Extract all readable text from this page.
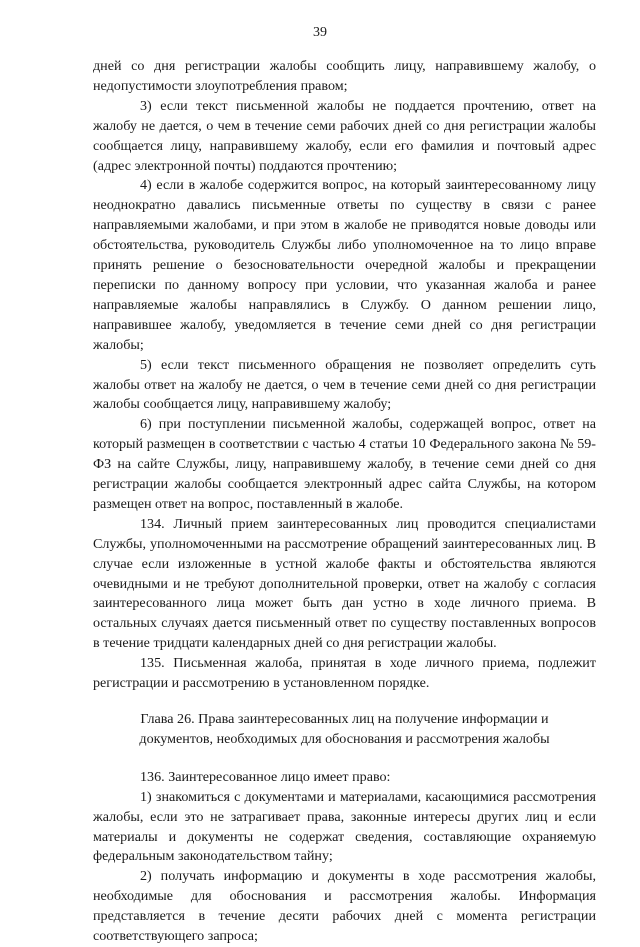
39

дней со дня регистрации жалобы сообщить лицу, направившему жалобу, о недопустимости злоупотребления правом;

3) если текст письменной жалобы не поддается прочтению, ответ на жалобу не дается, о чем в течение семи рабочих дней со дня регистрации жалобы сообщается лицу, направившему жалобу, если его фамилия и почтовый адрес (адрес электронной почты) поддаются прочтению;

4) если в жалобе содержится вопрос, на который заинтересованному лицу неоднократно давались письменные ответы по существу в связи с ранее направляемыми жалобами, и при этом в жалобе не приводятся новые доводы или обстоятельства, руководитель Службы либо уполномоченное на то лицо вправе принять решение о безосновательности очередной жалобы и прекращении переписки по данному вопросу при условии, что указанная жалоба и ранее направляемые жалобы направлялись в Службу. О данном решении лицо, направившее жалобу, уведомляется в течение семи дней со дня регистрации жалобы;

5) если текст письменного обращения не позволяет определить суть жалобы ответ на жалобу не дается, о чем в течение семи дней со дня регистрации жалобы сообщается лицу, направившему жалобу;

6) при поступлении письменной жалобы, содержащей вопрос, ответ на который размещен в соответствии с частью 4 статьи 10 Федерального закона № 59-ФЗ на сайте Службы, лицу, направившему жалобу, в течение семи дней со дня регистрации жалобы сообщается электронный адрес сайта Службы, на котором размещен ответ на вопрос, поставленный в жалобе.

134. Личный прием заинтересованных лиц проводится специалистами Службы, уполномоченными на рассмотрение обращений заинтересованных лиц. В случае если изложенные в устной жалобе факты и обстоятельства являются очевидными и не требуют дополнительной проверки, ответ на жалобу с согласия заинтересованного лица может быть дан устно в ходе личного приема. В остальных случаях дается письменный ответ по существу поставленных вопросов в течение тридцати календарных дней со дня регистрации жалобы.

135. Письменная жалоба, принятая в ходе личного приема, подлежит регистрации и рассмотрению в установленном порядке.

Глава 26. Права заинтересованных лиц на получение информации и
документов, необходимых для обоснования и рассмотрения жалобы

136. Заинтересованное лицо имеет право:

1) знакомиться с документами и материалами, касающимися рассмотрения жалобы, если это не затрагивает права, законные интересы других лиц и если материалы и документы не содержат сведения, составляющие охраняемую федеральным законодательством тайну;

2) получать информацию и документы в ходе рассмотрения жалобы, необходимые для обоснования и рассмотрения жалобы. Информация представляется в течение десяти рабочих дней с момента регистрации соответствующего запроса;
